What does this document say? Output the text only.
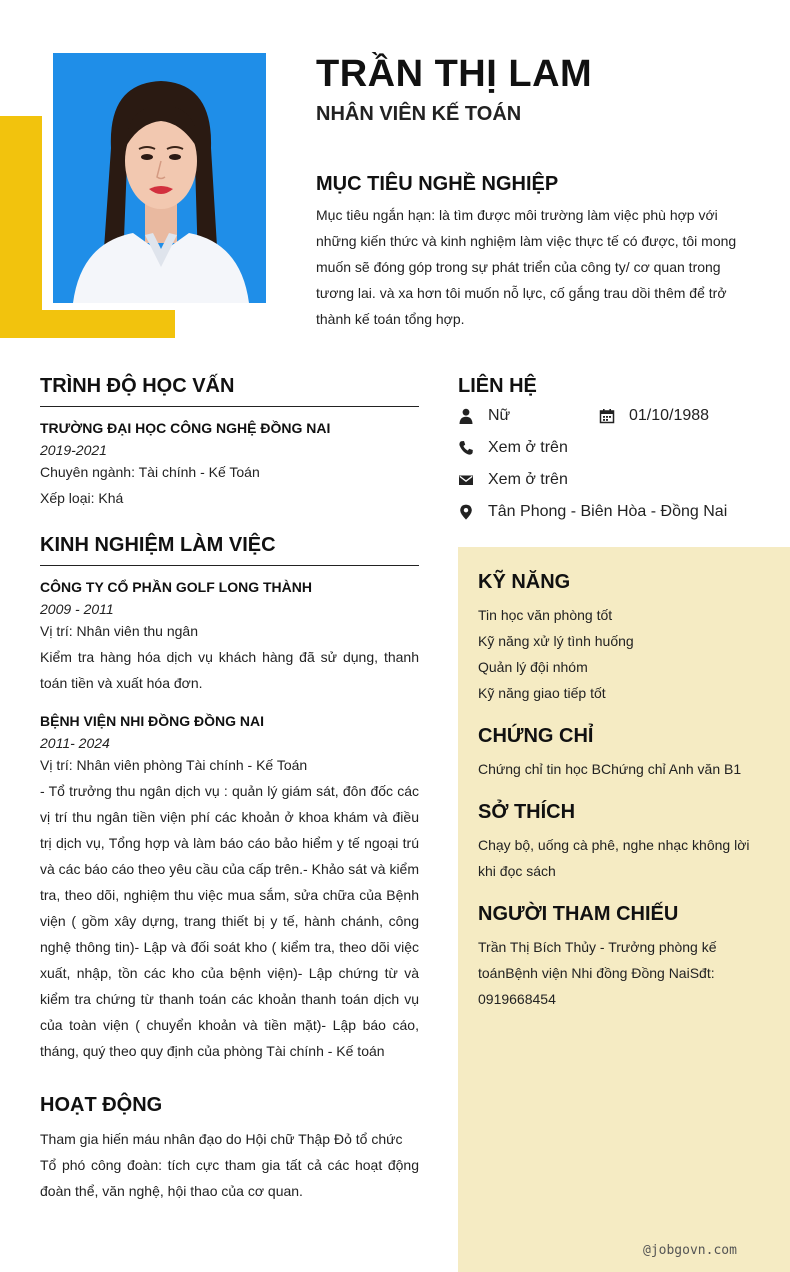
TRẦN THỊ LAM
NHÂN VIÊN KẾ TOÁN
MỤC TIÊU NGHỀ NGHIỆP
Mục tiêu ngắn hạn: là tìm được môi trường làm việc phù hợp với những kiến thức và kinh nghiệm làm việc thực tế có được, tôi mong muốn sẽ đóng góp trong sự phát triển của công ty/ cơ quan trong tương lai. và xa hơn tôi muốn nỗ lực, cố gắng trau dồi thêm để trở thành kế toán tổng hợp.
TRÌNH ĐỘ HỌC VẤN
TRƯỜNG ĐẠI HỌC CÔNG NGHỆ ĐỒNG NAI
2019-2021
Chuyên ngành: Tài chính - Kế Toán
Xếp loại: Khá
KINH NGHIỆM LÀM VIỆC
CÔNG TY CỔ PHẦN GOLF LONG THÀNH
2009 - 2011
Vị trí: Nhân viên thu ngân
Kiểm tra hàng hóa dịch vụ khách hàng đã sử dụng, thanh toán tiền và xuất hóa đơn.
BỆNH VIỆN NHI ĐỒNG ĐỒNG NAI
2011- 2024
Vị trí: Nhân viên phòng Tài chính - Kế Toán
- Tổ trưởng thu ngân dịch vụ : quản lý giám sát, đôn đốc các vị trí thu ngân tiền viện phí các khoản ở khoa khám và điều trị dịch vụ, Tổng hợp và làm báo cáo bảo hiểm y tế ngoại trú và các báo cáo theo yêu cầu của cấp trên.- Khảo sát và kiểm tra, theo dõi, nghiệm thu việc mua sắm, sửa chữa của Bệnh viện ( gồm xây dựng, trang thiết bị y tế, hành chánh, công nghệ thông tin)- Lập và đối soát kho ( kiểm tra, theo dõi việc xuất, nhập, tồn các kho của bệnh viện)- Lập chứng từ và kiểm tra chứng từ thanh toán các khoản thanh toán dịch vụ của toàn viện ( chuyển khoản và tiền mặt)- Lập báo cáo, tháng, quý theo quy định của phòng Tài chính - Kế toán
HOẠT ĐỘNG
Tham gia hiến máu nhân đạo do Hội chữ Thập Đỏ tổ chức
Tổ phó công đoàn: tích cực tham gia tất cả các hoạt động đoàn thể, văn nghệ, hội thao của cơ quan.
LIÊN HỆ
Nữ	01/10/1988
Xem ở trên
Xem ở trên
Tân Phong - Biên Hòa - Đồng Nai
KỸ NĂNG
Tin học văn phòng tốt
Kỹ năng xử lý tình huống
Quản lý đội nhóm
Kỹ năng giao tiếp tốt
CHỨNG CHỈ
Chứng chỉ tin học BChứng chỉ Anh văn B1
SỞ THÍCH
Chạy bộ, uống cà phê, nghe nhạc không lời khi đọc sách
NGƯỜI THAM CHIẾU
Trần Thị Bích Thủy - Trưởng phòng kế toánBệnh viện Nhi đồng Đồng NaiSđt: 0919668454
@jobgovn.com
